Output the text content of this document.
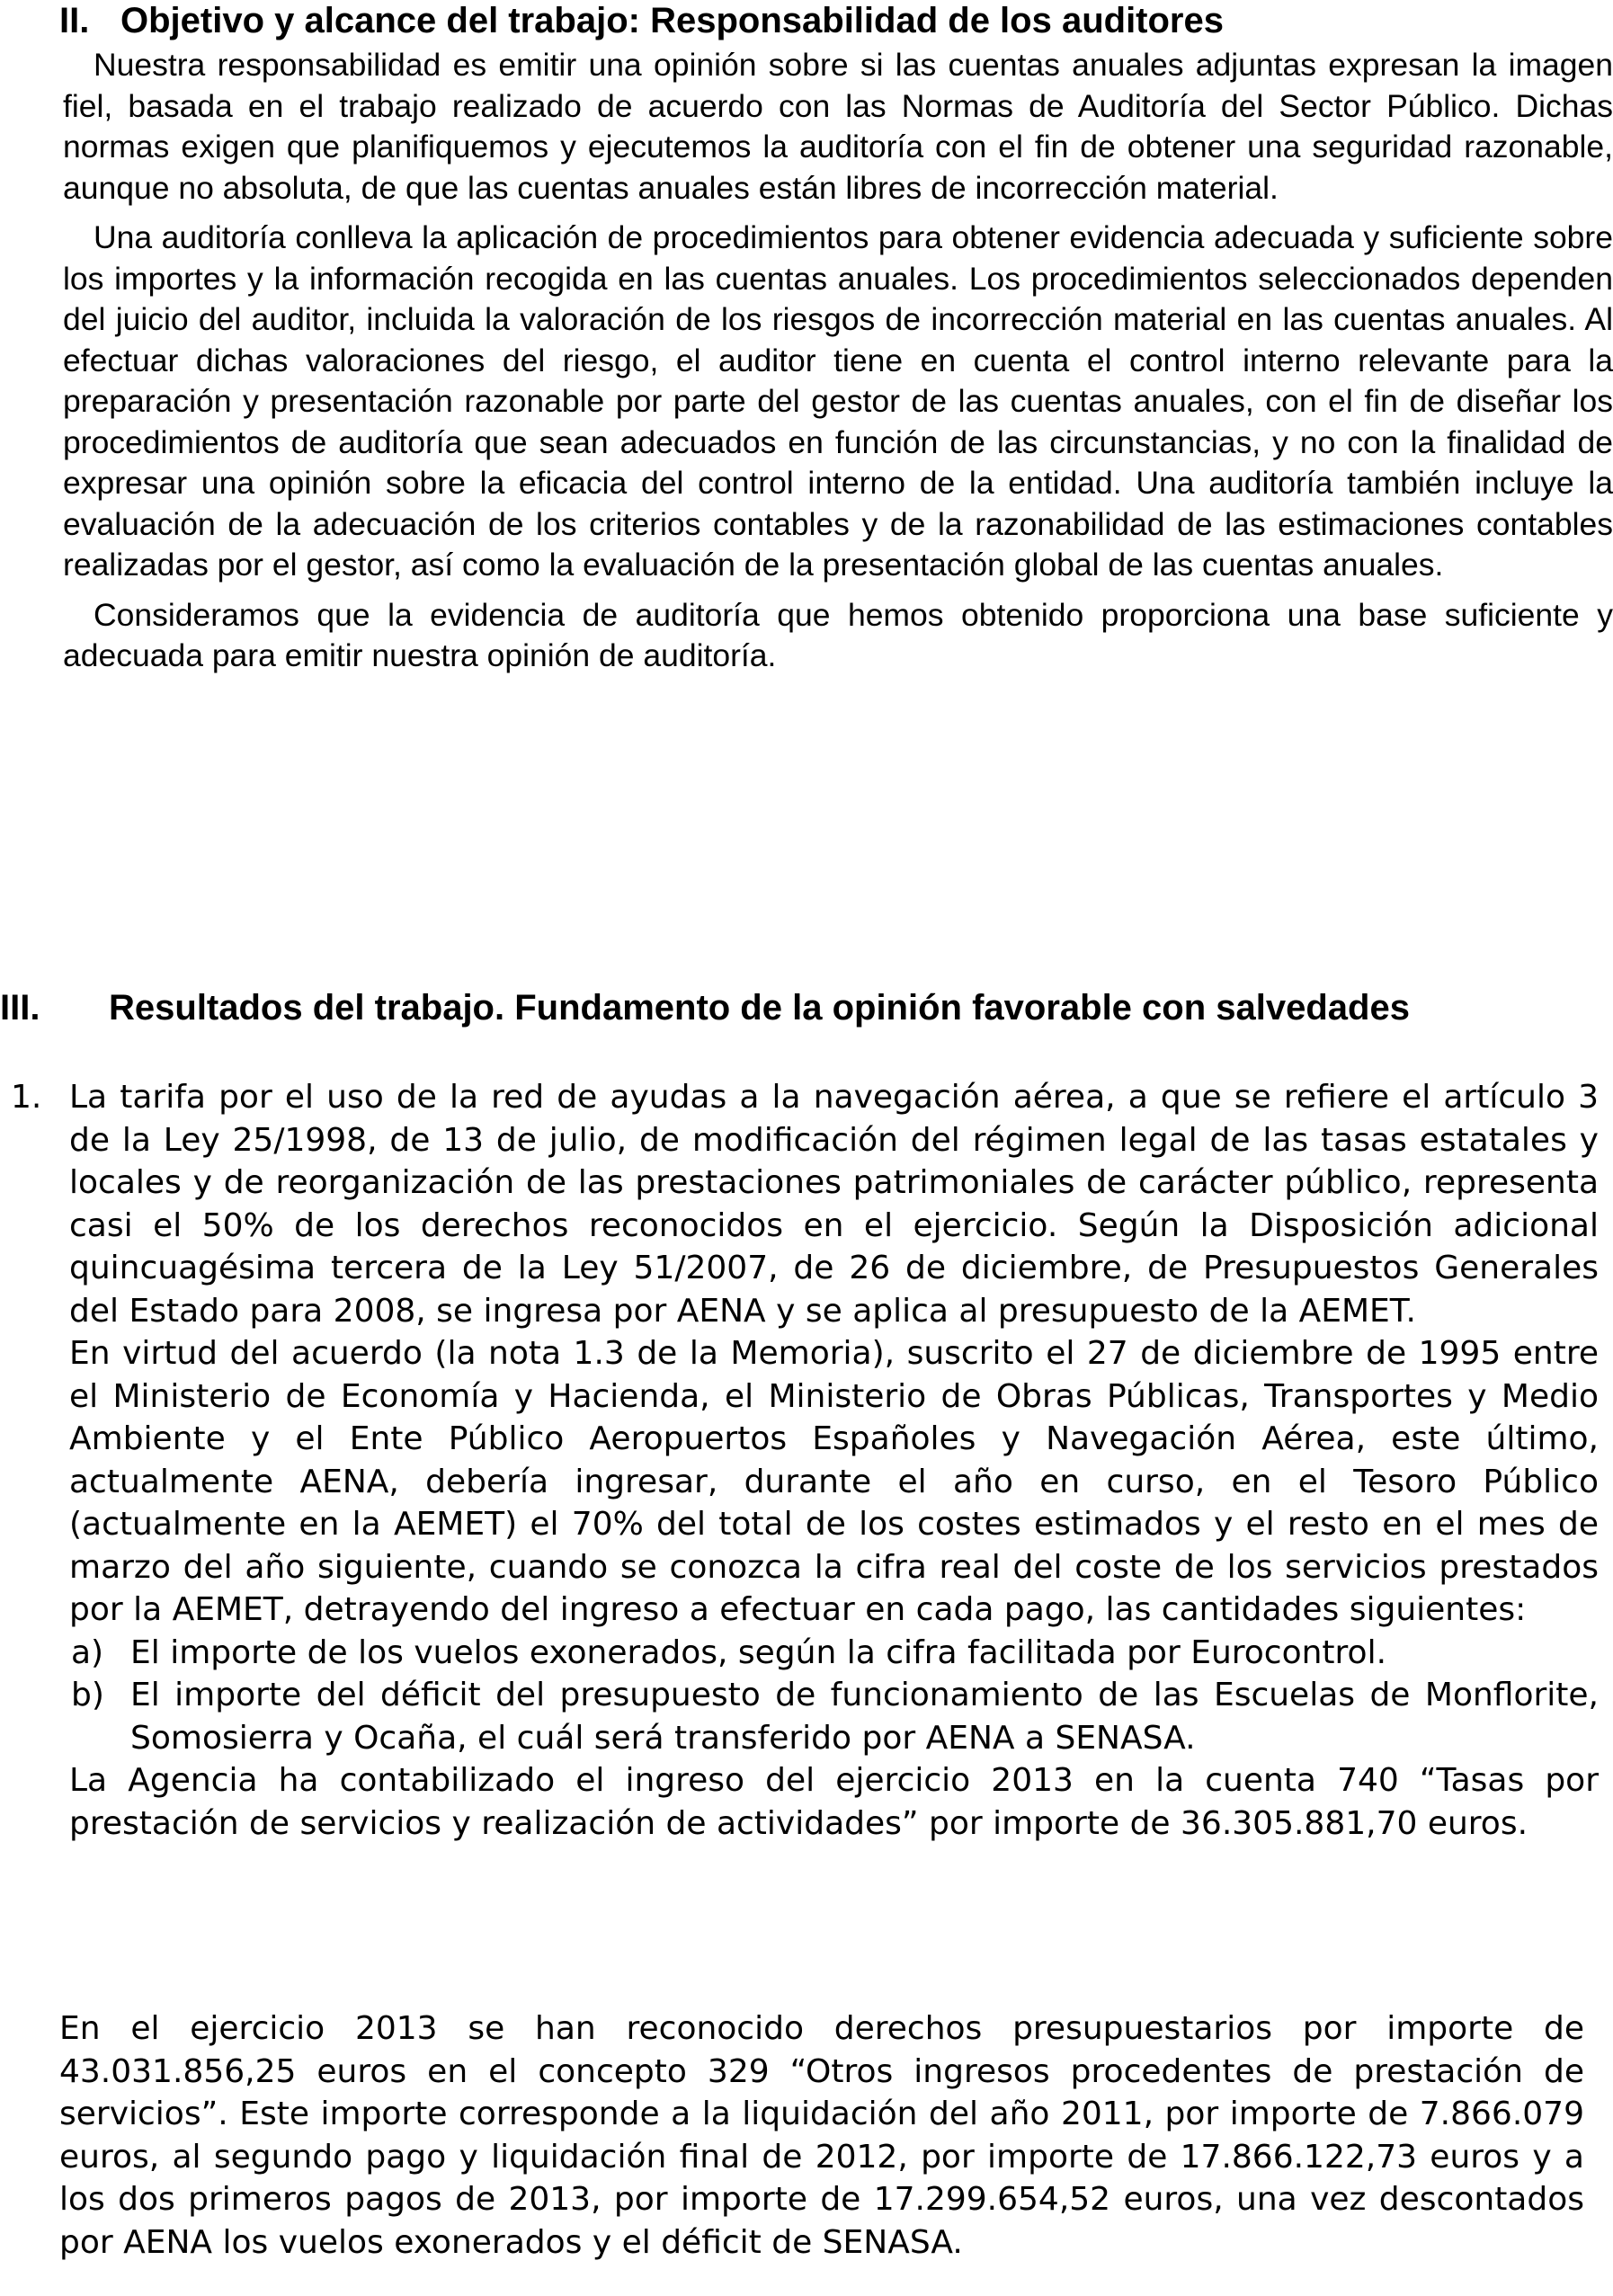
II. Objetivo y alcance del trabajo: Responsabilidad de los auditores

Nuestra responsabilidad es emitir una opinión sobre si las cuentas anuales adjuntas expresan la imagen fiel, basada en el trabajo realizado de acuerdo con las Normas de Auditoría del Sector Público. Dichas normas exigen que planifiquemos y ejecutemos la auditoría con el fin de obtener una seguridad razonable, aunque no absoluta, de que las cuentas anuales están libres de incorrección material.

Una auditoría conlleva la aplicación de procedimientos para obtener evidencia adecuada y suficiente sobre los importes y la información recogida en las cuentas anuales. Los procedimientos seleccionados dependen del juicio del auditor, incluida la valoración de los riesgos de incorrección material en las cuentas anuales. Al efectuar dichas valoraciones del riesgo, el auditor tiene en cuenta el control interno relevante para la preparación y presentación razonable por parte del gestor de las cuentas anuales, con el fin de diseñar los procedimientos de auditoría que sean adecuados en función de las circunstancias, y no con la finalidad de expresar una opinión sobre la eficacia del control interno de la entidad. Una auditoría también incluye la evaluación de la adecuación de los criterios contables y de la razonabilidad de las estimaciones contables realizadas por el gestor, así como la evaluación de la presentación global de las cuentas anuales.

Consideramos que la evidencia de auditoría que hemos obtenido proporciona una base suficiente y adecuada para emitir nuestra opinión de auditoría.

III. Resultados del trabajo. Fundamento de la opinión favorable con salvedades
1. La tarifa por el uso de la red de ayudas a la navegación aérea, a que se refiere el artículo 3 de la Ley 25/1998, de 13 de julio, de modificación del régimen legal de las tasas estatales y locales y de reorganización de las prestaciones patrimoniales de carácter público, representa casi el 50% de los derechos reconocidos en el ejercicio. Según la Disposición adicional quincuagésima tercera de la Ley 51/2007, de 26 de diciembre, de Presupuestos Generales del Estado para 2008, se ingresa por AENA y se aplica al presupuesto de la AEMET.

En virtud del acuerdo (la nota 1.3 de la Memoria), suscrito el 27 de diciembre de 1995 entre el Ministerio de Economía y Hacienda, el Ministerio de Obras Públicas, Transportes y Medio Ambiente y el Ente Público Aeropuertos Españoles y Navegación Aérea, este último, actualmente AENA, debería ingresar, durante el año en curso, en el Tesoro Público (actualmente en la AEMET) el 70% del total de los costes estimados y el resto en el mes de marzo del año siguiente, cuando se conozca la cifra real del coste de los servicios prestados por la AEMET, detrayendo del ingreso a efectuar en cada pago, las cantidades siguientes:

a) El importe de los vuelos exonerados, según la cifra facilitada por Eurocontrol.

b) El importe del déficit del presupuesto de funcionamiento de las Escuelas de Monflorite, Somosierra y Ocaña, el cuál será transferido por AENA a SENASA.

La Agencia ha contabilizado el ingreso del ejercicio 2013 en la cuenta 740 “Tasas por prestación de servicios y realización de actividades” por importe de 36.305.881,70 euros.

En el ejercicio 2013 se han reconocido derechos presupuestarios por importe de 43.031.856,25 euros en el concepto 329 “Otros ingresos procedentes de prestación de servicios”. Este importe corresponde a la liquidación del año 2011, por importe de 7.866.079 euros, al segundo pago y liquidación final de 2012, por importe de 17.866.122,73 euros y a los dos primeros pagos de 2013, por importe de 17.299.654,52 euros, una vez descontados por AENA los vuelos exonerados y el déficit de SENASA.
